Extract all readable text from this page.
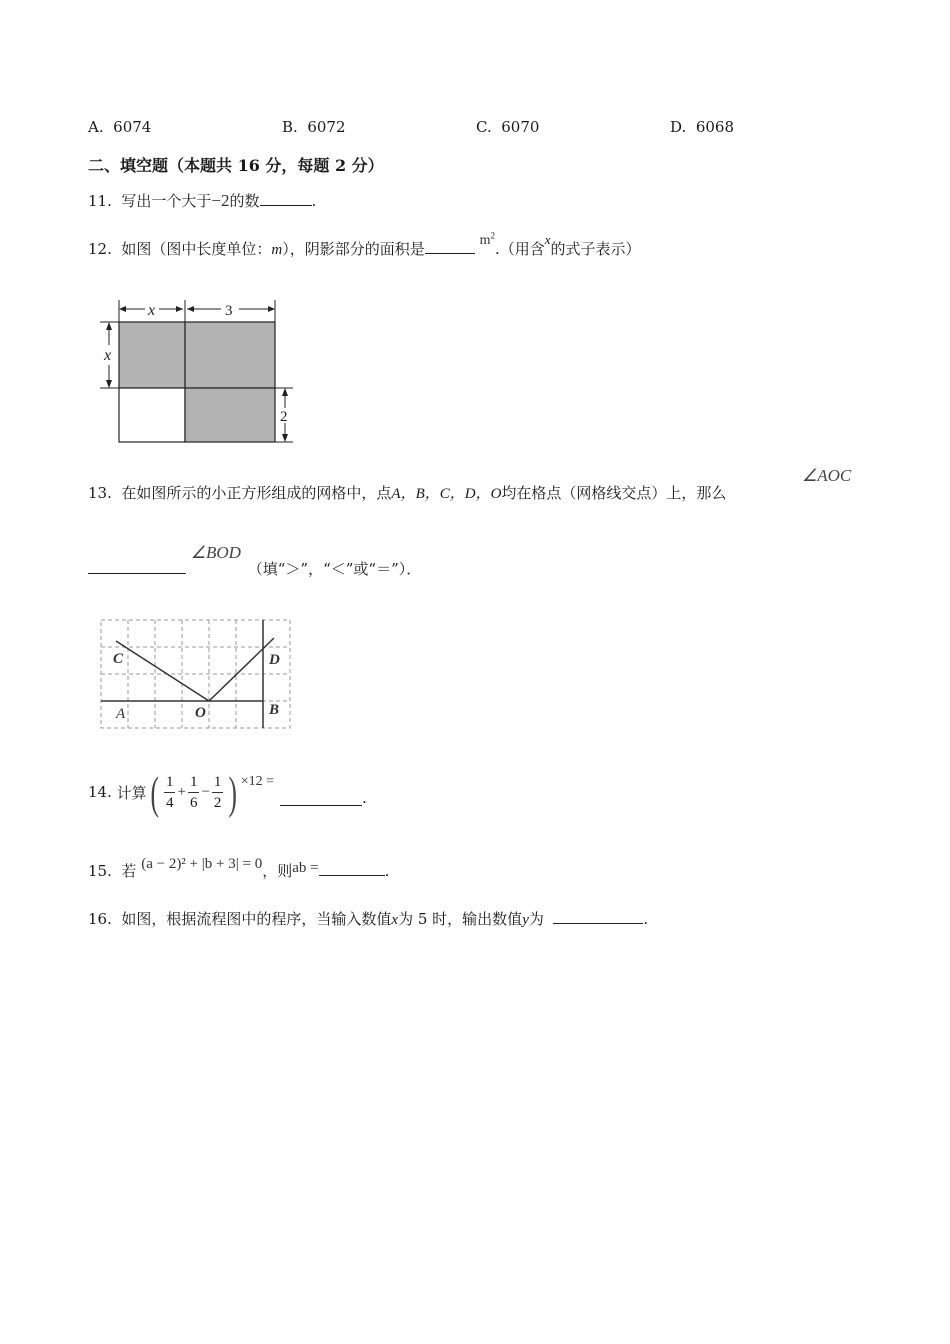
A. 6074	B. 6072	C. 6070	D. 6068
二、填空题（本题共 16 分，每题 2 分）
11. 写出一个大于−2的数	.
12. 如图（图中长度单位：m），阴影部分的面积是	$m^2$.（用含x的式子表示）
x	3
x
2
13. 在如图所示的小正方形组成的网格中，点A，B，C，D，O均在格点（网格线交点）上，那么
∠AOC
∠BOD （填“＞”，“＜”或“＝”）．
C	D
A	O	B
14.
计算 ( $\frac{1}{4} + \frac{1}{6} - \frac{1}{2}$ ) ×12 =
.
15. 若 (a − 2)² + |b + 3| = 0，则ab =	.
16. 如图，根据流程图中的程序，当输入数值x为 5 时，输出数值y为	.
